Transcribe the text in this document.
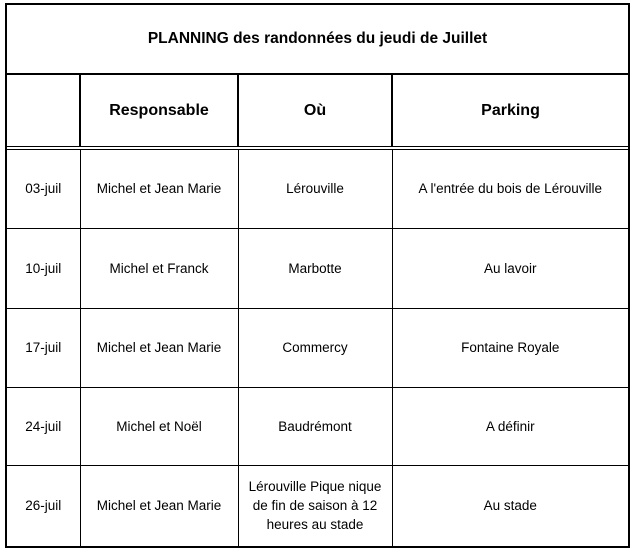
PLANNING des randonnées du jeudi de Juillet
	Responsable	Où	Parking
03-juil	Michel et Jean Marie	Lérouville	A l'entrée du bois de Lérouville
10-juil	Michel et Franck	Marbotte	Au lavoir
17-juil	Michel et Jean Marie	Commercy	Fontaine Royale
24-juil	Michel et Noël	Baudrémont	A définir
26-juil	Michel et Jean Marie	Lérouville Pique nique de fin de saison à 12 heures au stade	Au stade
